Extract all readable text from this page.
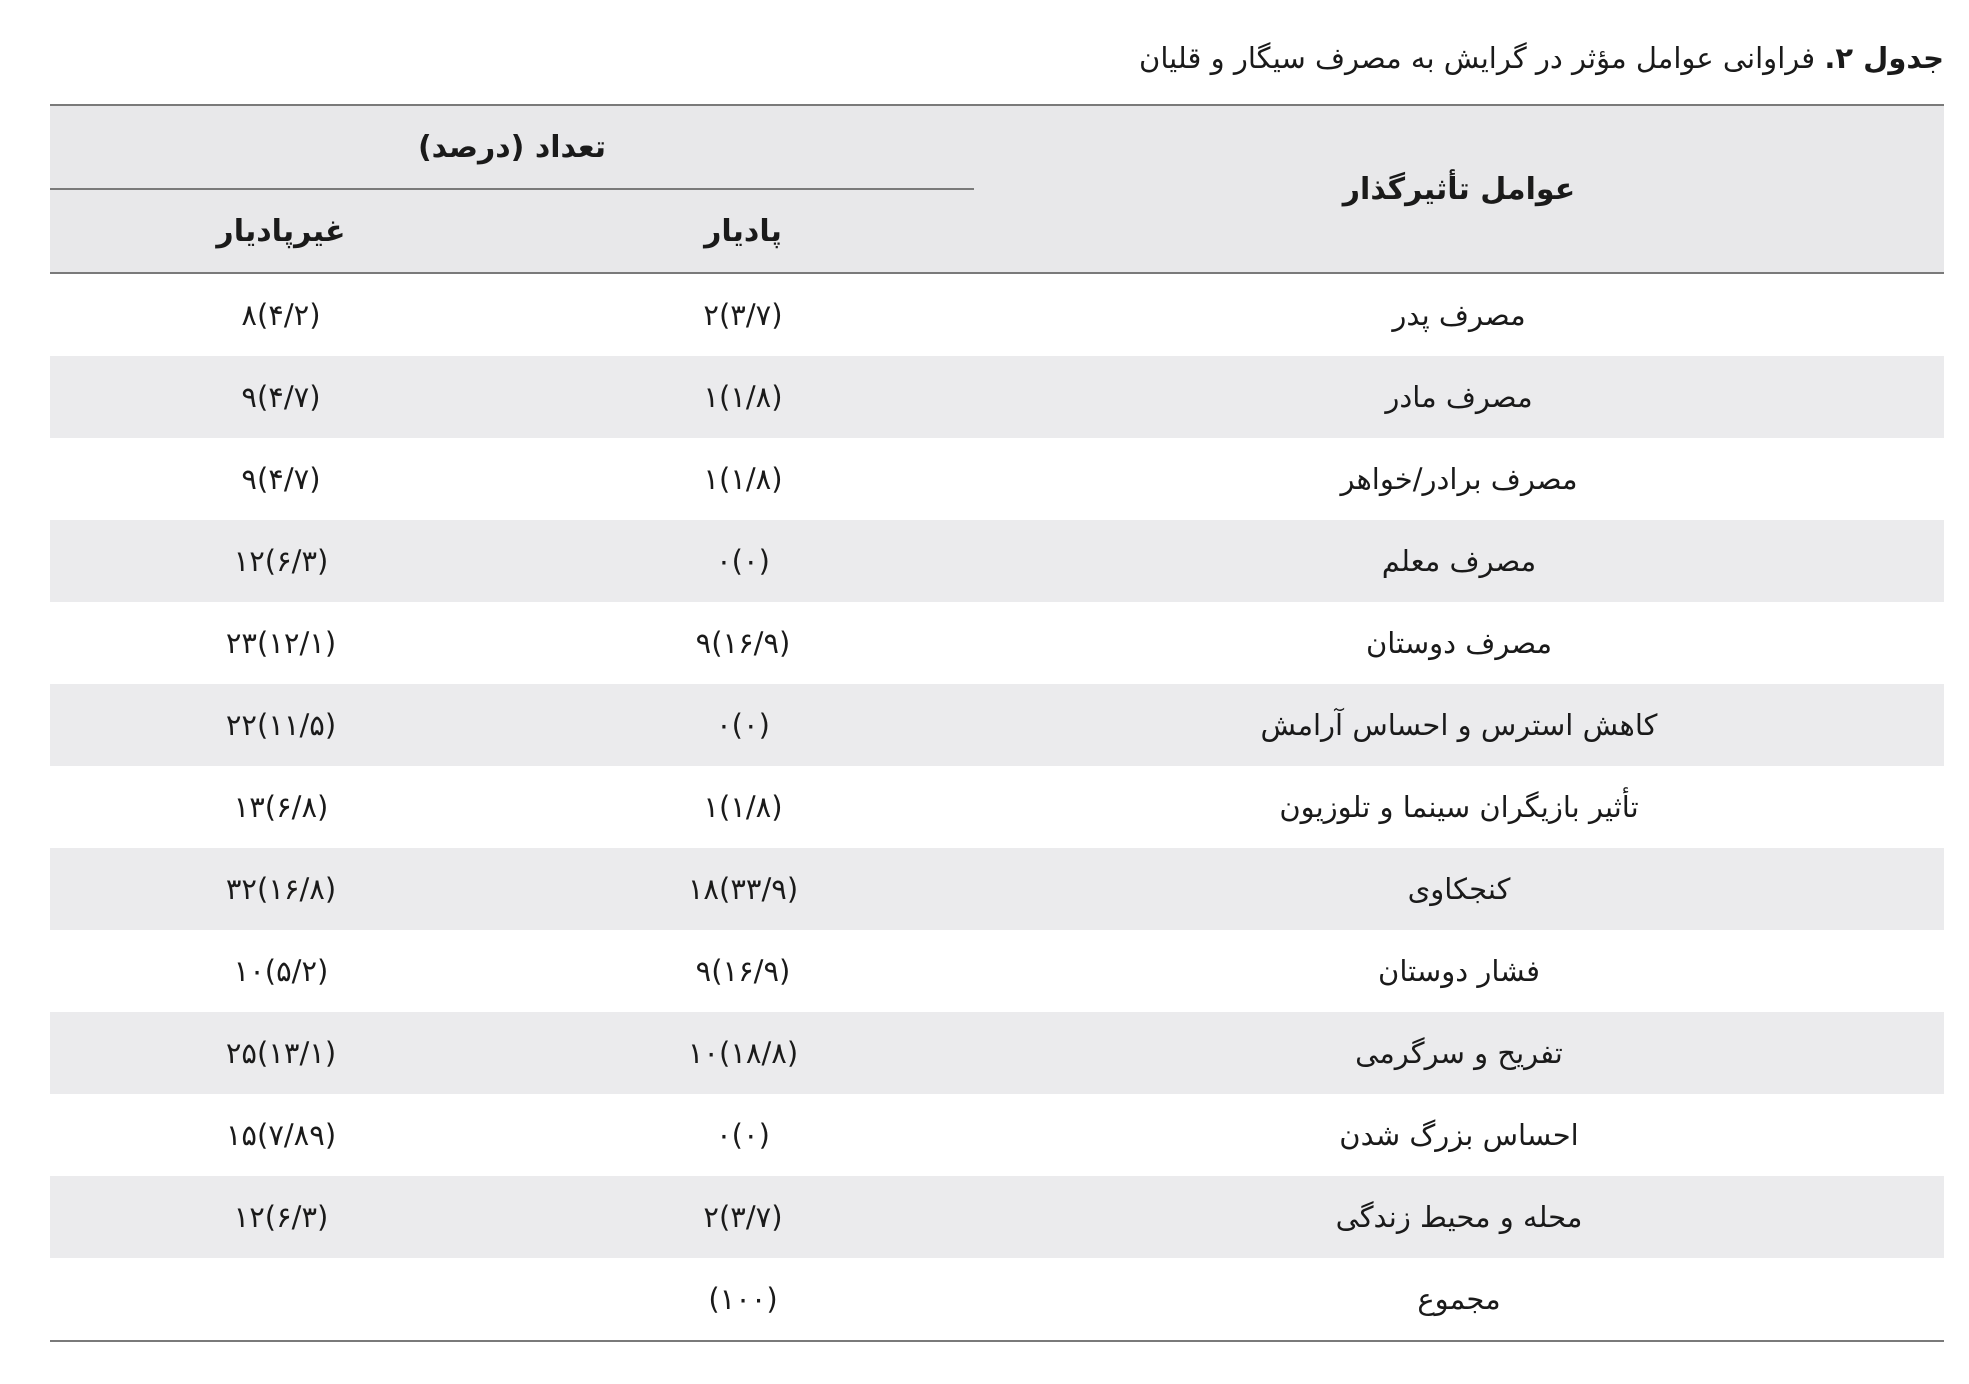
جدول ۲. فراوانی عوامل مؤثر در گرایش به مصرف سیگار و قلیان
عوامل تأثیرگذار	تعداد (درصد)	
	پادیار	غیرپادیار
مصرف پدر	۲(۳/۷)	۸(۴/۲)
مصرف مادر	۱(۱/۸)	۹(۴/۷)
مصرف برادر/خواهر	۱(۱/۸)	۹(۴/۷)
مصرف معلم	۰(۰)	۱۲(۶/۳)
مصرف دوستان	۹(۱۶/۹)	۲۳(۱۲/۱)
کاهش استرس و احساس آرامش	۰(۰)	۲۲(۱۱/۵)
تأثیر بازیگران سینما و تلوزیون	۱(۱/۸)	۱۳(۶/۸)
کنجکاوی	۱۸(۳۳/۹)	۳۲(۱۶/۸)
فشار دوستان	۹(۱۶/۹)	۱۰(۵/۲)
تفریح و سرگرمی	۱۰(۱۸/۸)	۲۵(۱۳/۱)
احساس بزرگ شدن	۰(۰)	۱۵(۷/۸۹)
محله و محیط زندگی	۲(۳/۷)	۱۲(۶/۳)
مجموع	(۱۰۰)	
